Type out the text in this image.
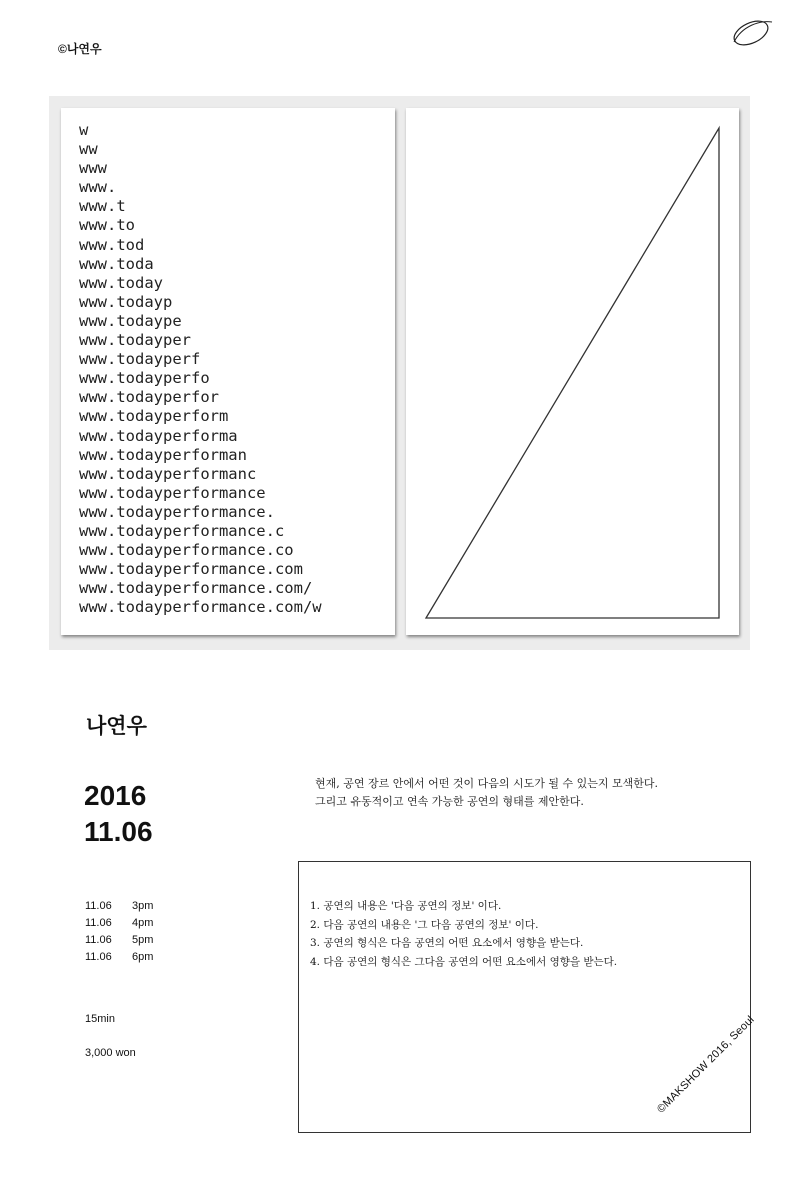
©나연우
w
ww
www
www.
www.t
www.to
www.tod
www.toda
www.today
www.todayp
www.todaype
www.todayper
www.todayperf
www.todayperfo
www.todayperfor
www.todayperform
www.todayperforma
www.todayperforman
www.todayperformanc
www.todayperformance
www.todayperformance.
www.todayperformance.c
www.todayperformance.co
www.todayperformance.com
www.todayperformance.com/
www.todayperformance.com/w
나연우
2016
11.06
현재, 공연 장르 안에서 어떤 것이 다음의 시도가 될 수 있는지 모색한다.
그리고 유동적이고 연속 가능한 공연의 형태를 제안한다.
11.06 3pm
11.06 4pm
11.06 5pm
11.06 6pm
15min
3,000 won
1. 공연의 내용은 '다음 공연의 정보' 이다.
2. 다음 공연의 내용은 '그 다음 공연의 정보' 이다.
3. 공연의 형식은 다음 공연의 어떤 요소에서 영향을 받는다.
4. 다음 공연의 형식은 그다음 공연의 어떤 요소에서 영향을 받는다.
©MAKSHOW 2016, Seoul
